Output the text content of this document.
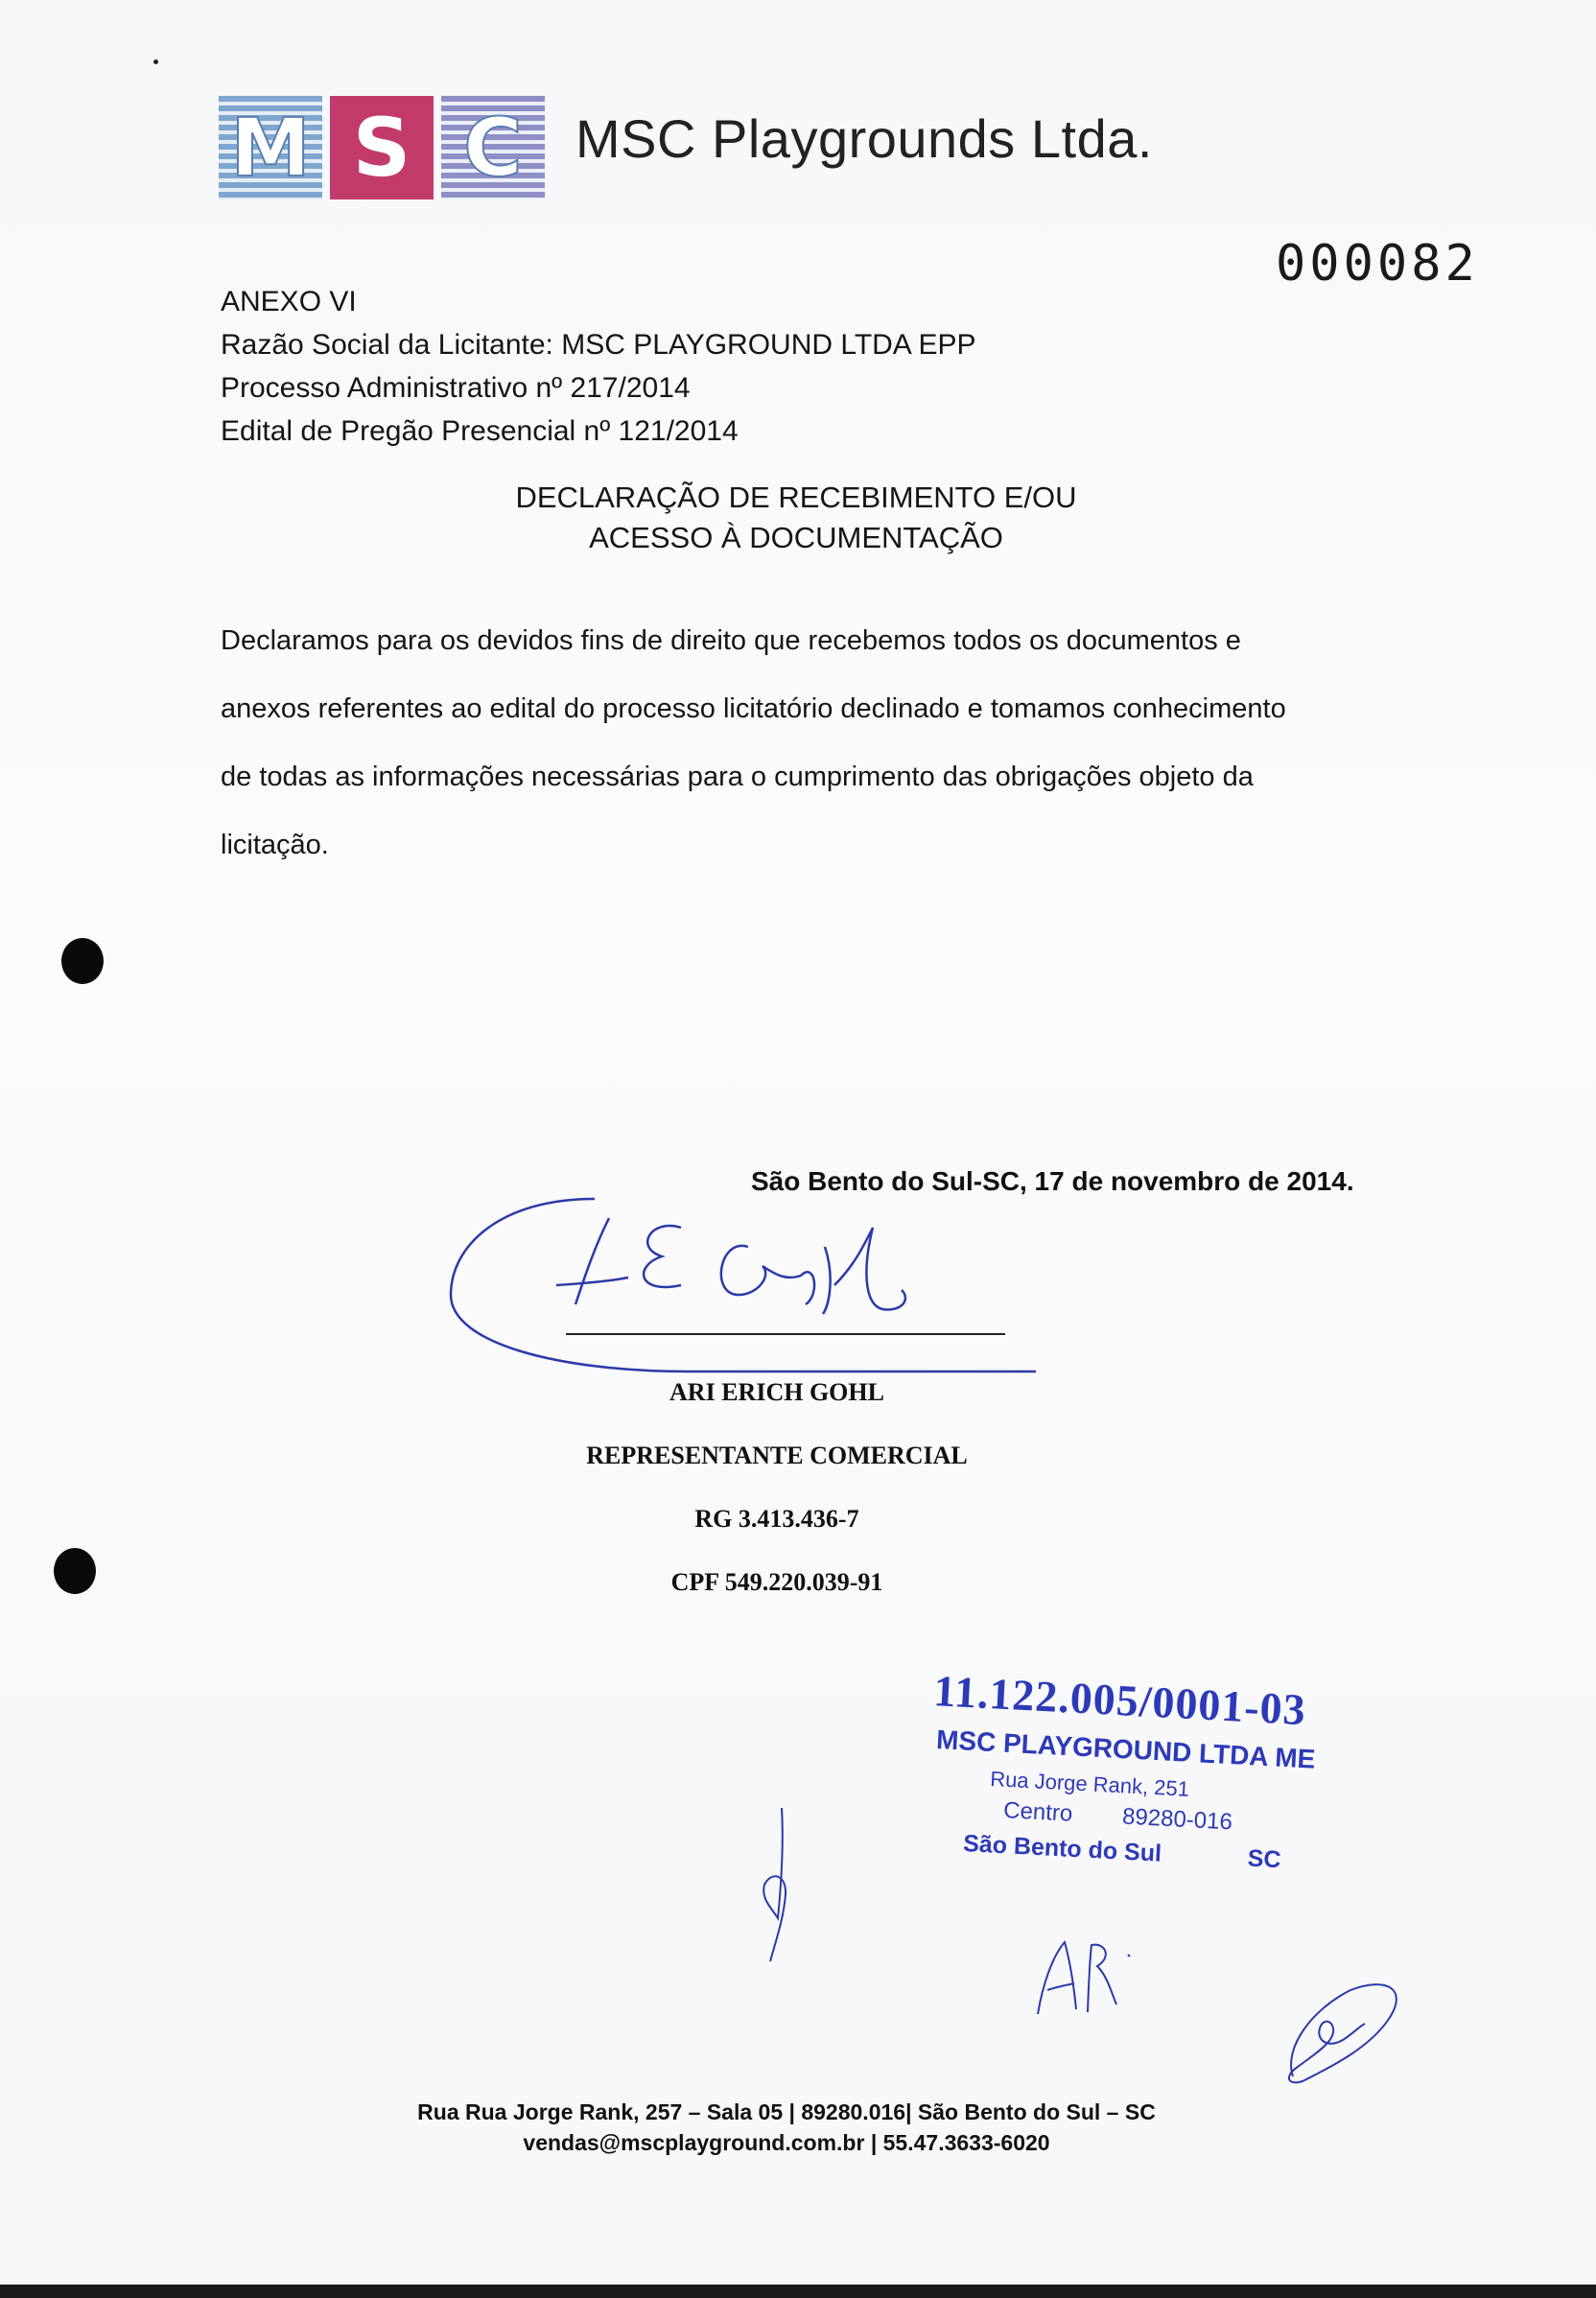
M S C MSC Playgrounds Ltda.
000082
ANEXO VI
Razão Social da Licitante: MSC PLAYGROUND LTDA EPP
Processo Administrativo nº 217/2014
Edital de Pregão Presencial nº 121/2014
DECLARAÇÃO DE RECEBIMENTO E/OU
ACESSO À DOCUMENTAÇÃO
Declaramos para os devidos fins de direito que recebemos todos os documentos e
anexos referentes ao edital do processo licitatório declinado e tomamos conhecimento
de todas as informações necessárias para o cumprimento das obrigações objeto da
licitação.
São Bento do Sul-SC, 17 de novembro de 2014.
ARI ERICH GOHL
REPRESENTANTE COMERCIAL
RG 3.413.436-7
CPF 549.220.039-91
11.122.005/0001-03
MSC PLAYGROUND LTDA ME
Rua Jorge Rank, 251
Centro 89280-016
São Bento do Sul	SC
Rua Rua Jorge Rank, 257 – Sala 05 | 89280.016| São Bento do Sul – SC
vendas@mscplayground.com.br | 55.47.3633-6020
